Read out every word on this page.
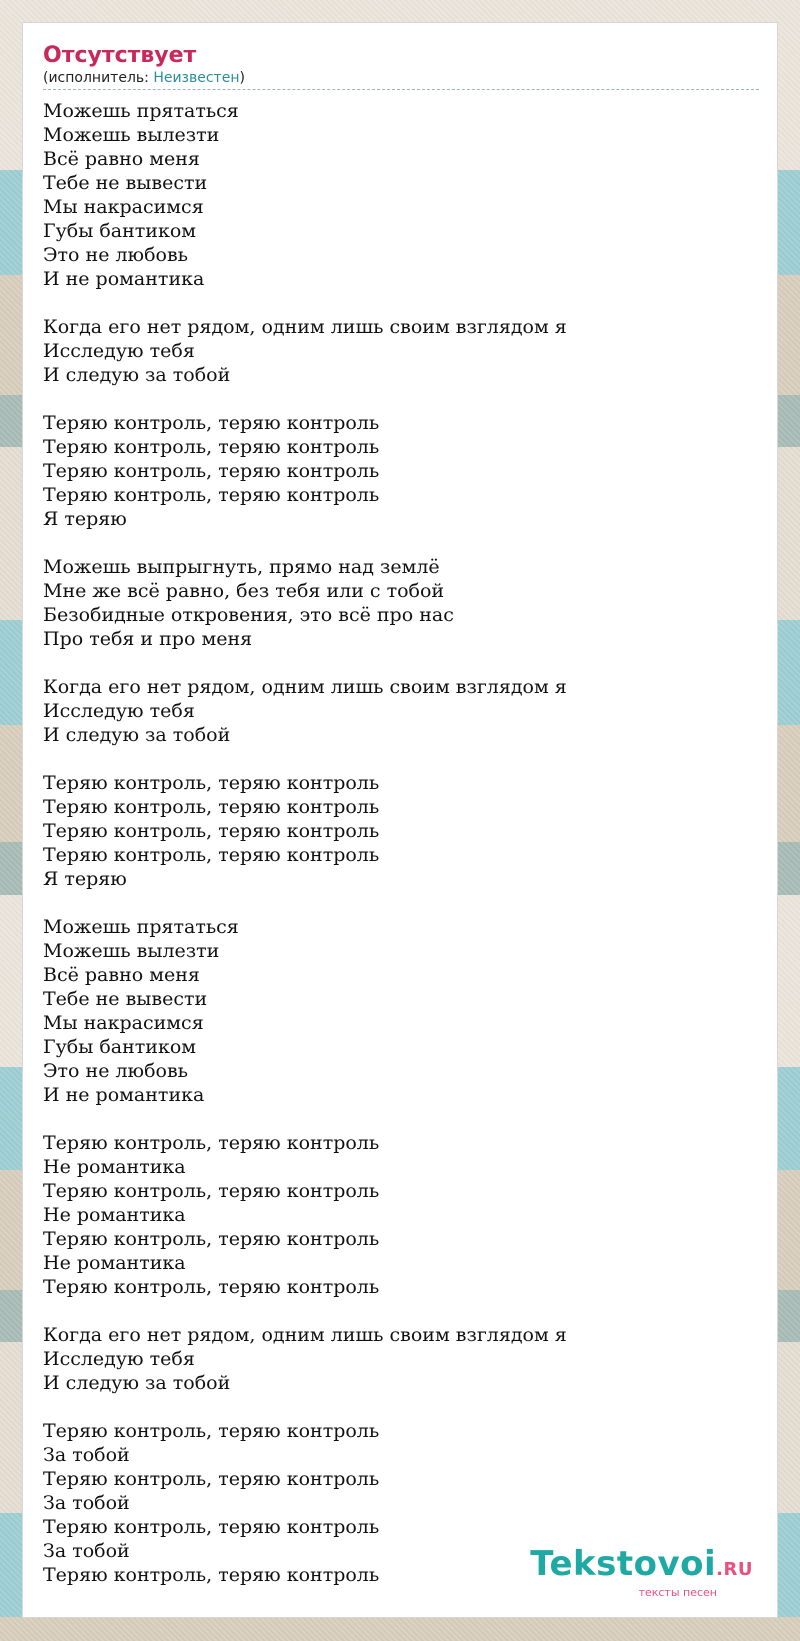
Отсутствует

(исполнитель: Неизвестен)

Можешь прятаться
Можешь вылезти
Всё равно меня
Тебе не вывести
Мы накрасимся
Губы бантиком
Это не любовь
И не романтика
Когда его нет рядом, одним лишь своим взглядом я
Исследую тебя
И следую за тобой
Теряю контроль, теряю контроль
Теряю контроль, теряю контроль
Теряю контроль, теряю контроль
Теряю контроль, теряю контроль
Я теряю
Можешь выпрыгнуть, прямо над землё
Мне же всё равно, без тебя или с тобой
Безобидные откровения, это всё про нас
Про тебя и про меня
Когда его нет рядом, одним лишь своим взглядом я
Исследую тебя
И следую за тобой
Теряю контроль, теряю контроль
Теряю контроль, теряю контроль
Теряю контроль, теряю контроль
Теряю контроль, теряю контроль
Я теряю
Можешь прятаться
Можешь вылезти
Всё равно меня
Тебе не вывести
Мы накрасимся
Губы бантиком
Это не любовь
И не романтика
Теряю контроль, теряю контроль
Не романтика
Теряю контроль, теряю контроль
Не романтика
Теряю контроль, теряю контроль
Не романтика
Теряю контроль, теряю контроль
Когда его нет рядом, одним лишь своим взглядом я
Исследую тебя
И следую за тобой
Теряю контроль, теряю контроль
За тобой
Теряю контроль, теряю контроль
За тобой
Теряю контроль, теряю контроль
За тобой
Теряю контроль, теряю контроль	Tekstovoi.RU
тексты песен
